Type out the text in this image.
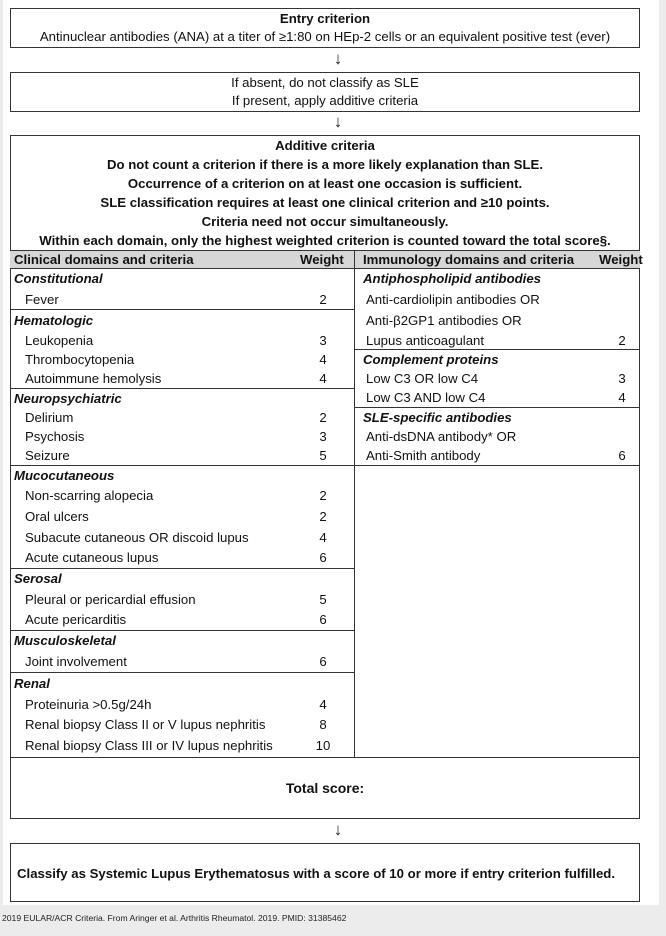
Entry criterion
Antinuclear antibodies (ANA) at a titer of ≥1:80 on HEp-2 cells or an equivalent positive test (ever)
↓
If absent, do not classify as SLE
If present, apply additive criteria
↓
Additive criteria
Do not count a criterion if there is a more likely explanation than SLE.
Occurrence of a criterion on at least one occasion is sufficient.
SLE classification requires at least one clinical criterion and ≥10 points.
Criteria need not occur simultaneously.
Within each domain, only the highest weighted criterion is counted toward the total score§.
Clinical domains and criteria	Weight Immunology domains and criteria Weight
Constitutional
Fever	2
Hematologic
Leukopenia	3
Thrombocytopenia	4
Autoimmune hemolysis	4
Neuropsychiatric
Delirium	2
Psychosis	3
Seizure	5
Mucocutaneous
Non-scarring alopecia	2
Oral ulcers	2
Subacute cutaneous OR discoid lupus	4
Acute cutaneous lupus	6
Serosal
Pleural or pericardial effusion	5
Acute pericarditis	6
Musculoskeletal
Joint involvement	6
Renal
Proteinuria >0.5g/24h	4
Renal biopsy Class II or V lupus nephritis	8
Renal biopsy Class III or IV lupus nephritis	10
Antiphospholipid antibodies
Anti-cardiolipin antibodies OR
Anti-β2GP1 antibodies OR
Lupus anticoagulant	2
Complement proteins
Low C3 OR low C4	3
Low C3 AND low C4	4
SLE-specific antibodies
Anti-dsDNA antibody* OR
Anti-Smith antibody	6
Total score:
↓
Classify as Systemic Lupus Erythematosus with a score of 10 or more if entry criterion fulfilled.
2019 EULAR/ACR Criteria. From Aringer et al. Arthritis Rheumatol. 2019. PMID: 31385462
